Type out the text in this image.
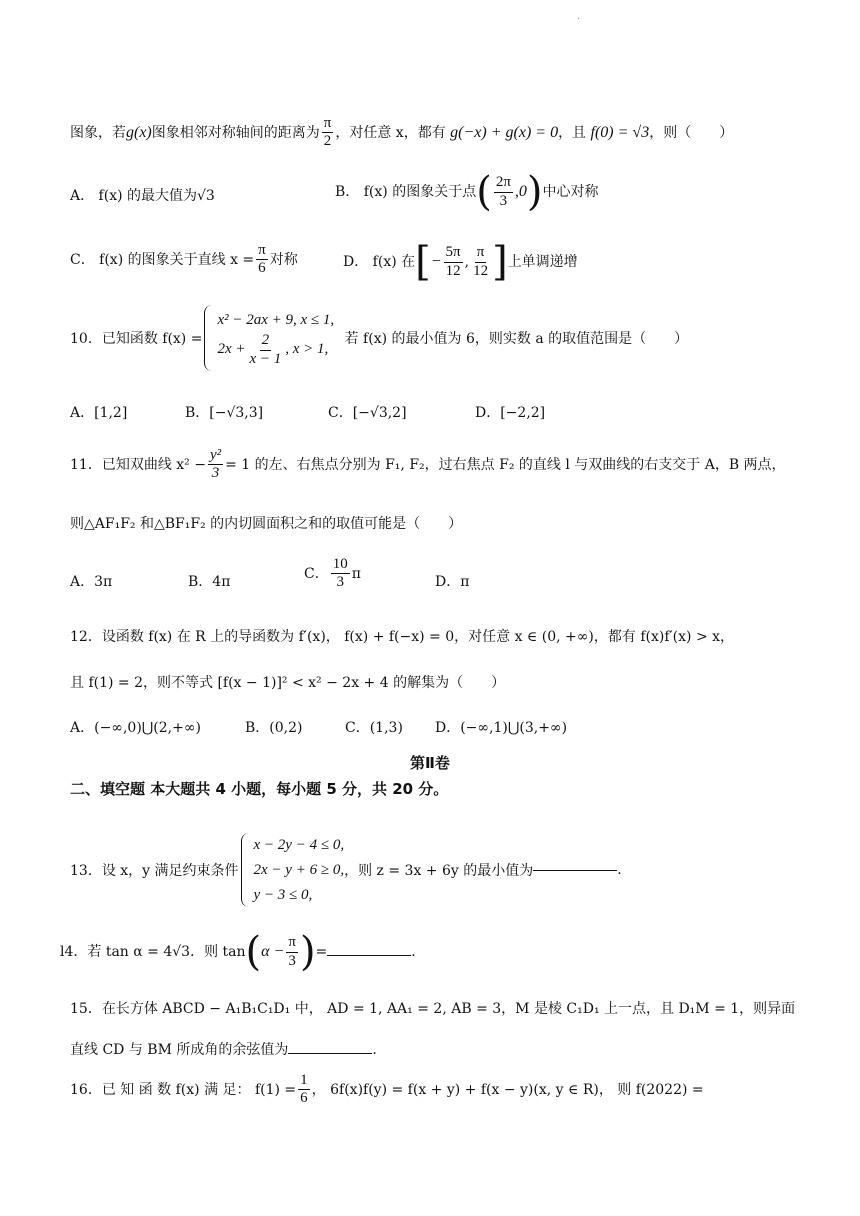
·
图象，若g(x)图象相邻对称轴间的距离为 $\frac{\pi}{2}$ ，对任意 x，都有 g(−x) + g(x) = 0，且 f(0) = √3，则（　　）
A． f(x) 的最大值为√3	B． f(x) 的图象关于点( $\frac{2\pi}{3} ,0$)中心对称
C． f(x) 的图象关于直线 $x = \frac{\pi}{6}$ 对称	D． f(x) 在[− $\frac{5\pi}{12}$ , $\frac{\pi}{12}$ ]上单调递增
10．已知函数 f(x) =
x² − 2ax + 9, x ≤ 1,
$2x + \frac{2}{x - 1}$ , x > 1,
若 f(x) 的最小值为 6，则实数 a 的取值范围是（　　）
A．[1,2]	B．[−√3,3]	C．[−√3,2]	D．[−2,2]
11．已知双曲线 $x^2 - \frac{\text{y²}}{3} = 1$ 的左、右焦点分别为 F₁, F₂，过右焦点 F₂ 的直线 l 与双曲线的右支交于 A，B 两点，
则△AF₁F₂ 和△BF₁F₂ 的内切圆面积之和的取值可能是（　　）
A．3π	B．4π
C． $\frac{10}{3}$ π
D．π
12．设函数 f(x) 在 R 上的导函数为 f′(x)， f(x) + f(−x) = 0，对任意 x ∈ (0, +∞)，都有 f(x)f′(x) > x，
且 f(1) = 2，则不等式 [f(x − 1)]² < x² − 2x + 4 的解集为（　　）
A．(−∞,0)⋃(2,+∞)	B．(0,2)	C．(1,3) D．(−∞,1)⋃(3,+∞)
第Ⅱ卷
二、填空题 本大题共 4 小题，每小题 5 分，共 20 分。
13．设 x，y 满足约束条件
x − 2y − 4 ≤ 0,
2x − y + 6 ≥ 0,
y − 3 ≤ 0,
，则 z = 3x + 6y 的最小值为	.
l4．若 tan α = 4√3．则 $\tan(\alpha - \frac{\pi}{3}$ )=	.
15．在长方体 ABCD − A₁B₁C₁D₁ 中， AD = 1, AA₁ = 2, AB = 3，M 是棱 C₁D₁ 上一点，且 D₁M = 1，则异面
直线 CD 与 BM 所成角的余弦值为	.
16．已 知 函 数 f(x) 满 足： $f(1) = \frac{1}{6}$ ， 6f(x)f(y) = f(x + y) + f(x − y)(x, y ∈ R)， 则 f(2022) =
